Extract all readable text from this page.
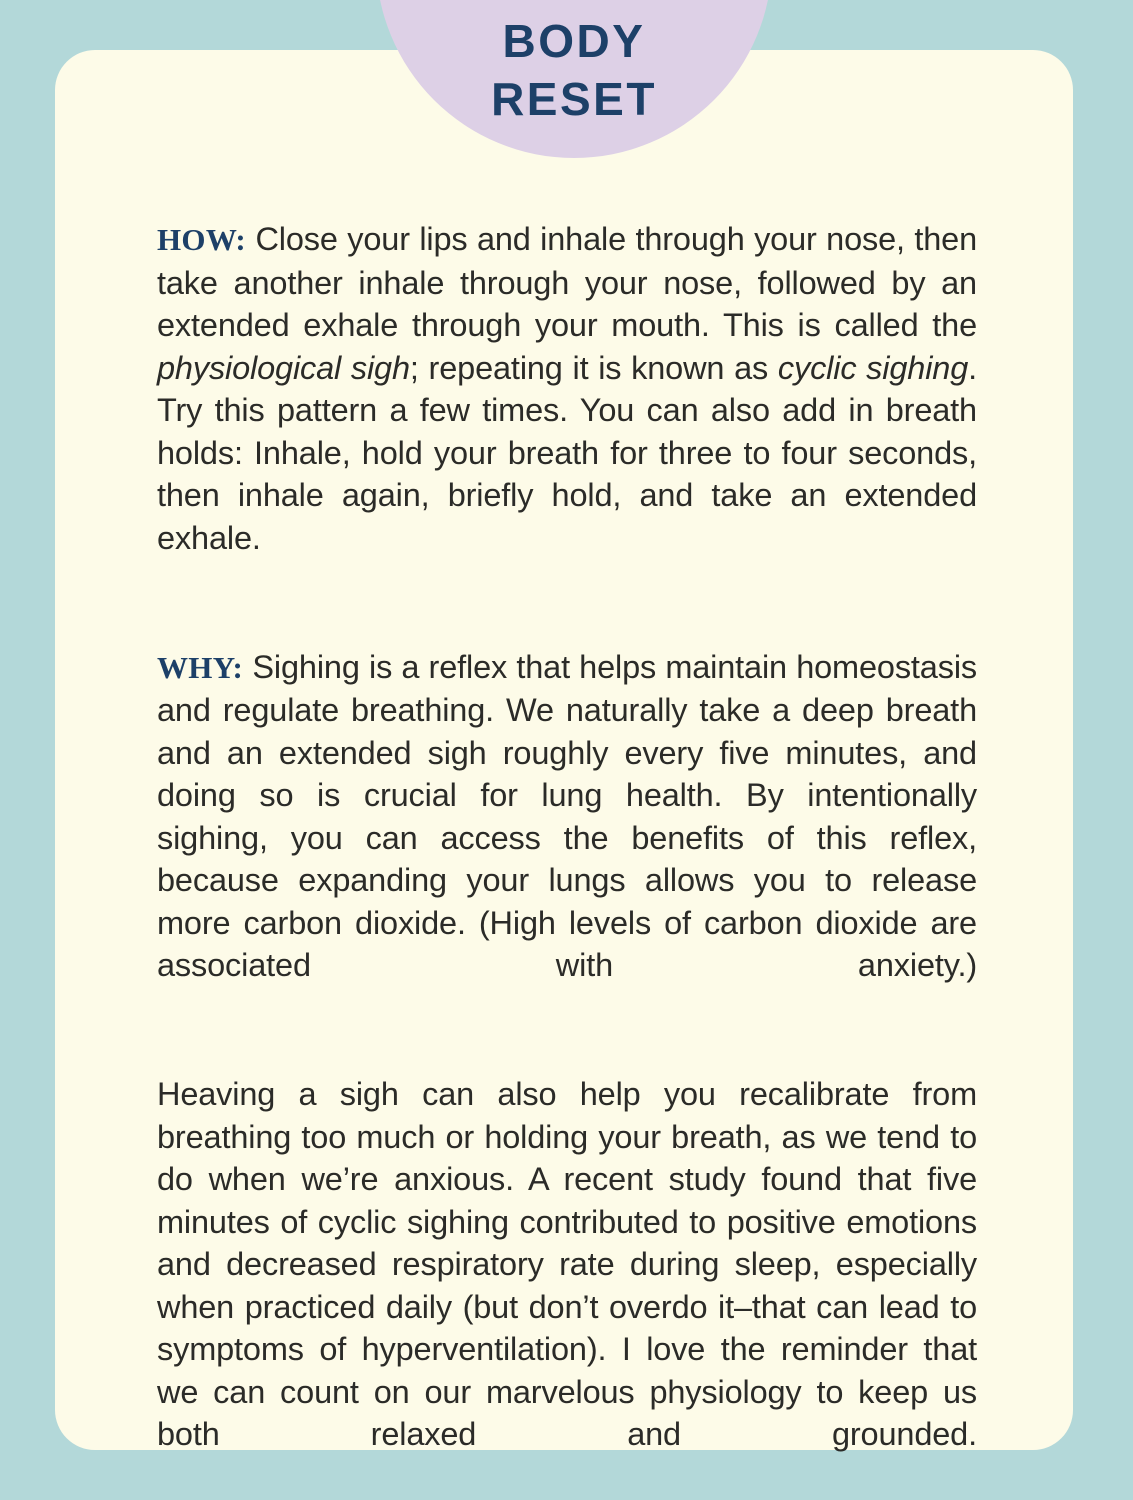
BODY
RESET

HOW: Close your lips and inhale through your nose, then take another inhale through your nose, followed by an extended exhale through your mouth. This is called the physiological sigh; repeating it is known as cyclic sighing. Try this pattern a few times. You can also add in breath holds: Inhale, hold your breath for three to four seconds, then inhale again, briefly hold, and take an extended exhale.

WHY: Sighing is a reflex that helps maintain homeostasis and regulate breathing. We naturally take a deep breath and an extended sigh roughly every five minutes, and doing so is crucial for lung health. By intentionally sighing, you can access the benefits of this reflex, because expanding your lungs allows you to release more carbon dioxide. (High levels of carbon dioxide are associated with anxiety.)

Heaving a sigh can also help you recalibrate from breathing too much or holding your breath, as we tend to do when we’re anxious. A recent study found that five minutes of cyclic sighing contributed to positive emotions and decreased respiratory rate during sleep, especially when practiced daily (but don’t overdo it–that can lead to symptoms of hyperventilation). I love the reminder that we can count on our marvelous physiology to keep us both relaxed and grounded.
